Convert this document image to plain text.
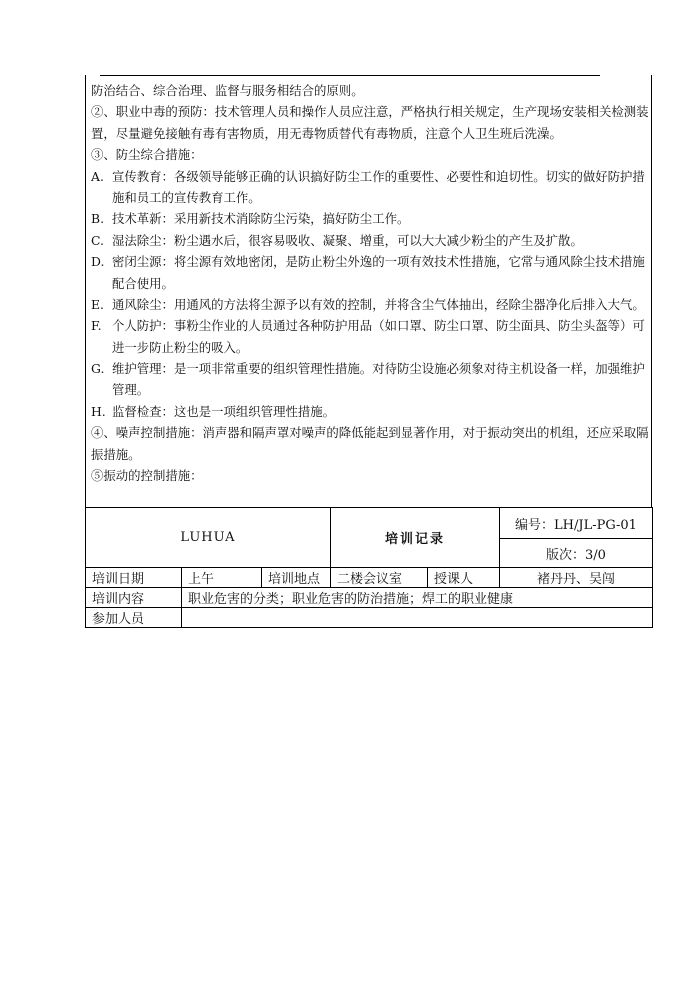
防治结合、综合治理、监督与服务相结合的原则。
②、职业中毒的预防：技术管理人员和操作人员应注意，严格执行相关规定，生产现场安装相关检测装
置，尽量避免接触有毒有害物质，用无毒物质替代有毒物质，注意个人卫生班后洗澡。
③、防尘综合措施：
A. 宣传教育：各级领导能够正确的认识搞好防尘工作的重要性、必要性和迫切性。切实的做好防护措
施和员工的宣传教育工作。
B. 技术革新：采用新技术消除防尘污染，搞好防尘工作。
C. 湿法除尘：粉尘遇水后，很容易吸收、凝聚、增重，可以大大减少粉尘的产生及扩散。
D. 密闭尘源：将尘源有效地密闭，是防止粉尘外逸的一项有效技术性措施，它常与通风除尘技术措施
配合使用。
E. 通风除尘：用通风的方法将尘源予以有效的控制，并将含尘气体抽出，经除尘器净化后排入大气。
F. 个人防护：事粉尘作业的人员通过各种防护用品（如口罩、防尘口罩、防尘面具、防尘头盔等）可
进一步防止粉尘的吸入。
G. 维护管理：是一项非常重要的组织管理性措施。对待防尘设施必须象对待主机设备一样，加强维护
管理。
H. 监督检查：这也是一项组织管理性措施。
④、噪声控制措施：消声器和隔声罩对噪声的降低能起到显著作用，对于振动突出的机组，还应采取隔
振措施。
⑤振动的控制措施：
LUHUA			培训记录		编号：LH/JL-PG-01
					版次：3/0
培训日期	上午	培训地点	二楼会议室	授课人	褚丹丹、吴闯
培训内容	职业危害的分类；职业危害的防治措施；焊工的职业健康				
参加人员					
